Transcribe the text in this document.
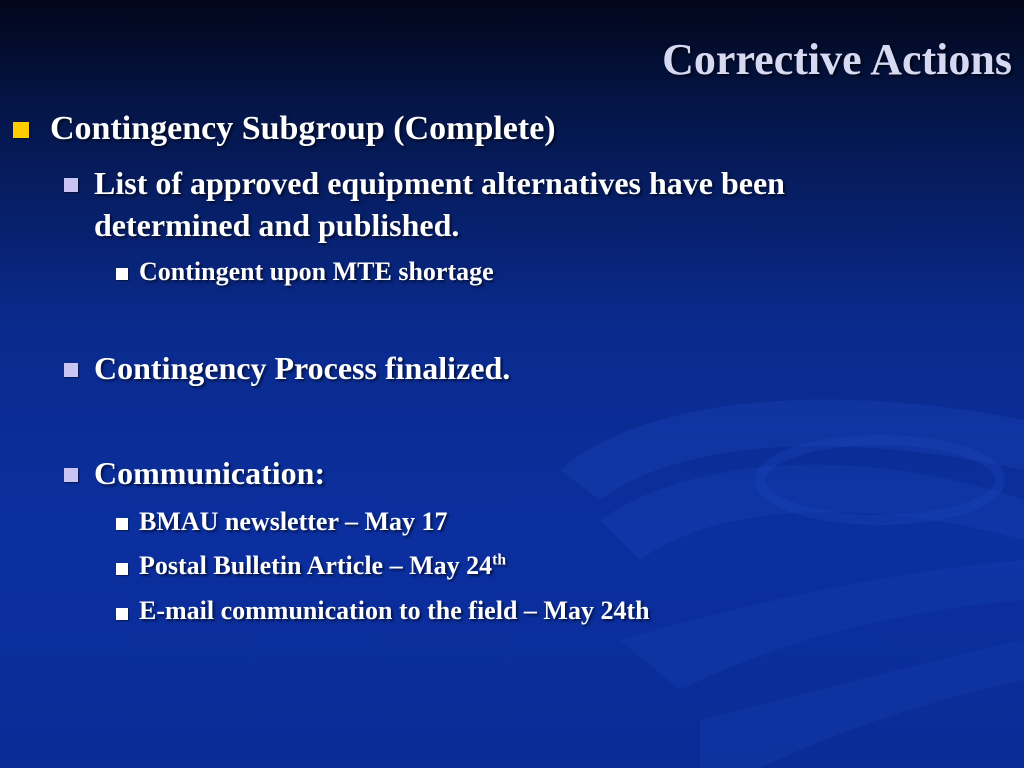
Corrective Actions
Contingency Subgroup (Complete)
List of approved equipment alternatives have been
determined and published.
Contingent upon MTE shortage
Contingency Process finalized.
Communication:
BMAU newsletter – May 17
Postal Bulletin Article – May 24th
E-mail communication to the field – May 24th
